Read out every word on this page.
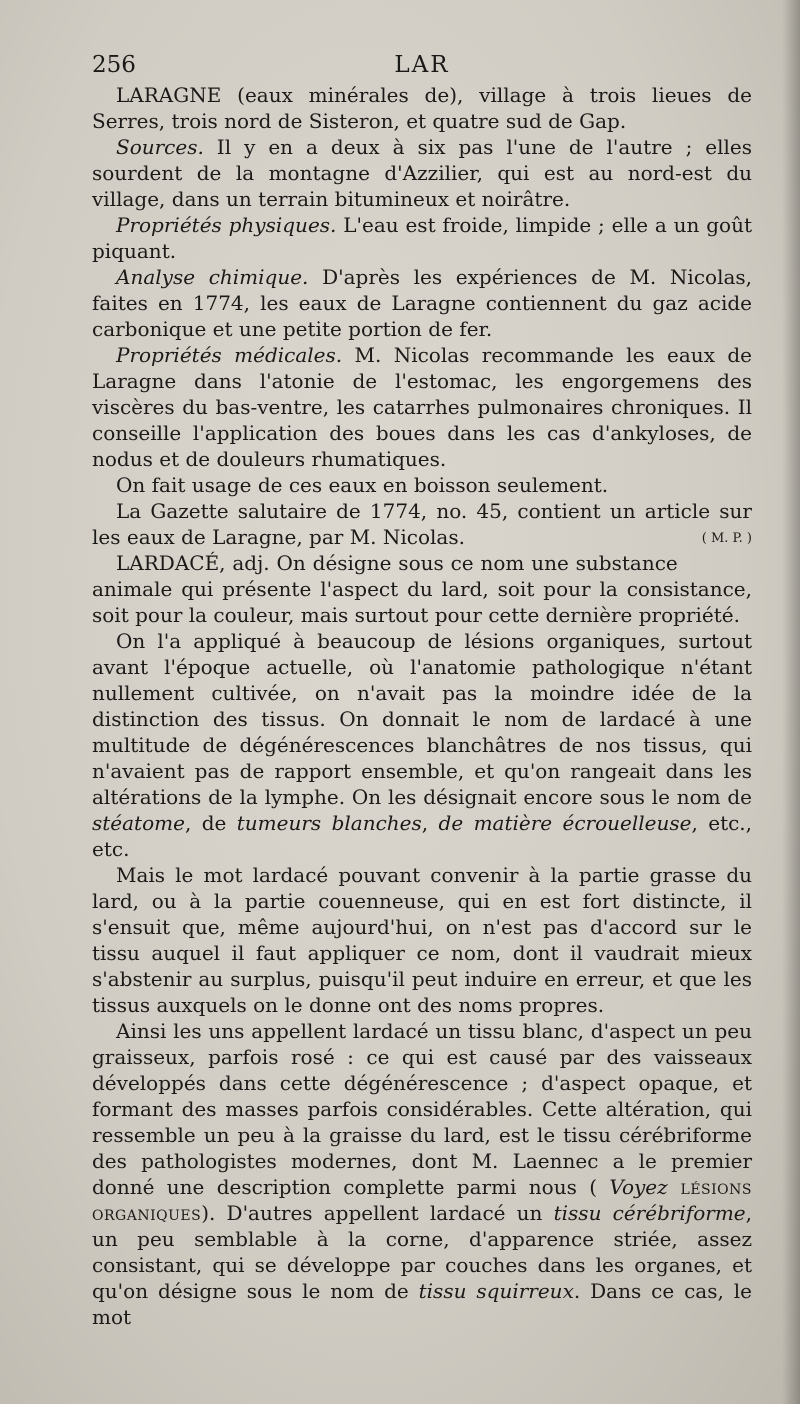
256	LAR

LARAGNE (eaux minérales de), village à trois lieues de Serres, trois nord de Sisteron, et quatre sud de Gap.

Sources. Il y en a deux à six pas l'une de l'autre ; elles sourdent de la montagne d'Azzilier, qui est au nord-est du village, dans un terrain bitumineux et noirâtre.

Propriétés physiques. L'eau est froide, limpide ; elle a un goût piquant.

Analyse chimique. D'après les expériences de M. Nicolas, faites en 1774, les eaux de Laragne contiennent du gaz acide carbonique et une petite portion de fer.

Propriétés médicales. M. Nicolas recommande les eaux de Laragne dans l'atonie de l'estomac, les engorgemens des viscères du bas-ventre, les catarrhes pulmonaires chroniques. Il conseille l'application des boues dans les cas d'ankyloses, de nodus et de douleurs rhumatiques.

On fait usage de ces eaux en boisson seulement.

La Gazette salutaire de 1774, no. 45, contient un article sur les eaux de Laragne, par M. Nicolas.	( M. P. )

LARDACÉ, adj. On désigne sous ce nom une substance animale qui présente l'aspect du lard, soit pour la consistance, soit pour la couleur, mais surtout pour cette dernière propriété.

On l'a appliqué à beaucoup de lésions organiques, surtout avant l'époque actuelle, où l'anatomie pathologique n'étant nullement cultivée, on n'avait pas la moindre idée de la distinction des tissus. On donnait le nom de lardacé à une multitude de dégénérescences blanchâtres de nos tissus, qui n'avaient pas de rapport ensemble, et qu'on rangeait dans les altérations de la lymphe. On les désignait encore sous le nom de stéatome, de tumeurs blanches, de matière écrouelleuse, etc., etc.

Mais le mot lardacé pouvant convenir à la partie grasse du lard, ou à la partie couenneuse, qui en est fort distincte, il s'ensuit que, même aujourd'hui, on n'est pas d'accord sur le tissu auquel il faut appliquer ce nom, dont il vaudrait mieux s'abstenir au surplus, puisqu'il peut induire en erreur, et que les tissus auxquels on le donne ont des noms propres.

Ainsi les uns appellent lardacé un tissu blanc, d'aspect un peu graisseux, parfois rosé : ce qui est causé par des vaisseaux développés dans cette dégénérescence ; d'aspect opaque, et formant des masses parfois considérables. Cette altération, qui ressemble un peu à la graisse du lard, est le tissu cérébriforme des pathologistes modernes, dont M. Laennec a le premier donné une description complette parmi nous ( Voyez lésions organiques). D'autres appellent lardacé un tissu cérébriforme, un peu semblable à la corne, d'apparence striée, assez consistant, qui se développe par couches dans les organes, et qu'on désigne sous le nom de tissu squirreux. Dans ce cas, le mot
